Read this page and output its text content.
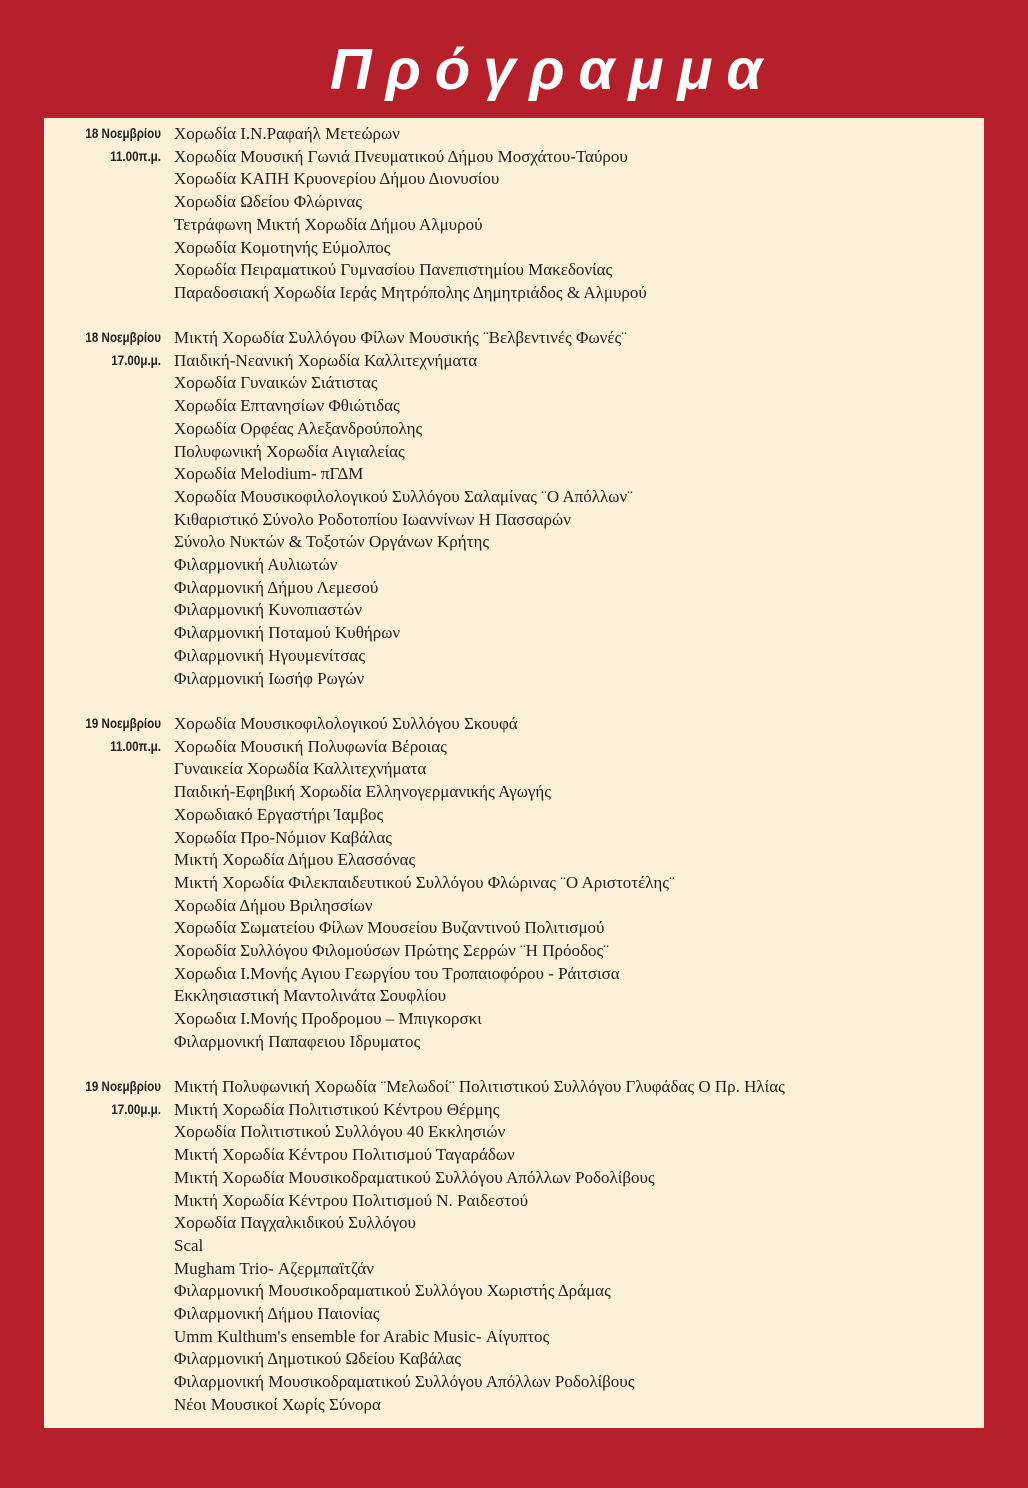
Πρόγραμμα
18 Νοεμβρίου
11.00π.μ.
Χορωδία Ι.Ν.Ραφαήλ Μετεώρων
Χορωδία Μουσική Γωνιά Πνευματικού Δήμου Μοσχάτου-Ταύρου
Χορωδία ΚΑΠΗ Κρυονερίου Δήμου Διονυσίου
Χορωδία Ωδείου Φλώρινας
Τετράφωνη Μικτή Χορωδία Δήμου Αλμυρού
Χορωδία Κομοτηνής Εύμολπος
Χορωδία Πειραματικού Γυμνασίου Πανεπιστημίου Μακεδονίας
Παραδοσιακή Χορωδία Ιεράς Μητρόπολης Δημητριάδος & Αλμυρού
18 Νοεμβρίου
17.00μ.μ.
Μικτή Χορωδία Συλλόγου Φίλων Μουσικής ¨Βελβεντινές Φωνές¨
Παιδική-Νεανική Χορωδία Καλλιτεχνήματα
Χορωδία Γυναικών Σιάτιστας
Χορωδία Επτανησίων Φθιώτιδας
Χορωδία Ορφέας Αλεξανδρούπολης
Πολυφωνική Χορωδία Αιγιαλείας
Χορωδία Melodium- πΓΔΜ
Χορωδία Μουσικοφιλολογικού Συλλόγου Σαλαμίνας ¨Ο Απόλλων¨
Κιθαριστικό Σύνολο Ροδοτοπίου Ιωαννίνων Η Πασσαρών
Σύνολο Νυκτών & Τοξοτών Οργάνων Κρήτης
Φιλαρμονική Αυλιωτών
Φιλαρμονική Δήμου Λεμεσού
Φιλαρμονική Κυνοπιαστών
Φιλαρμονική Ποταμού Κυθήρων
Φιλαρμονική Ηγουμενίτσας
Φιλαρμονική Ιωσήφ Ρωγών
19 Νοεμβρίου
11.00π.μ.
Χορωδία Μουσικοφιλολογικού Συλλόγου Σκουφά
Χορωδία Μουσική Πολυφωνία Βέροιας
Γυναικεία Χορωδία Καλλιτεχνήματα
Παιδική-Εφηβική Χορωδία Ελληνογερμανικής Αγωγής
Χορωδιακό Εργαστήρι Ίαμβος
Χορωδία Προ-Νόμιον Καβάλας
Μικτή Χορωδία Δήμου Ελασσόνας
Μικτή Χορωδία Φιλεκπαιδευτικού Συλλόγου Φλώρινας ¨Ο Αριστοτέλης¨
Χορωδία Δήμου Βριλησσίων
Χορωδία Σωματείου Φίλων Μουσείου Βυζαντινού Πολιτισμού
Χορωδία Συλλόγου Φιλομούσων Πρώτης Σερρών ¨Η Πρόοδος¨
Χορωδια Ι.Μονής Αγιου Γεωργίου του Τροπαιοφόρου - Ράιτσισα
Εκκλησιαστική Μαντολινάτα Σουφλίου
Χορωδια Ι.Μονής Προδρομου – Μπιγκορσκι
Φιλαρμονική Παπαφειου Ιδρυματος
19 Νοεμβρίου
17.00μ.μ.
Μικτή Πολυφωνική Χορωδία ¨Μελωδοί¨ Πολιτιστικού Συλλόγου Γλυφάδας Ο Πρ. Ηλίας
Μικτή Χορωδία Πολιτιστικού Κέντρου Θέρμης
Χορωδία Πολιτιστικού Συλλόγου 40 Εκκλησιών
Μικτή Χορωδία Κέντρου Πολιτισμού Ταγαράδων
Μικτή Χορωδία Μουσικοδραματικού Συλλόγου Απόλλων Ροδολίβους
Μικτή Χορωδία Κέντρου Πολιτισμού Ν. Ραιδεστού
Χορωδία Παγχαλκιδικού Συλλόγου
Scal
Mugham Trio- Αζερμπαϊτζάν
Φιλαρμονική Μουσικοδραματικού Συλλόγου Χωριστής Δράμας
Φιλαρμονική Δήμου Παιονίας
Umm Kulthum's ensemble for Arabic Music- Αίγυπτος
Φιλαρμονική Δημοτικού Ωδείου Καβάλας
Φιλαρμονική Μουσικοδραματικού Συλλόγου Απόλλων Ροδολίβους
Νέοι Μουσικοί Χωρίς Σύνορα
